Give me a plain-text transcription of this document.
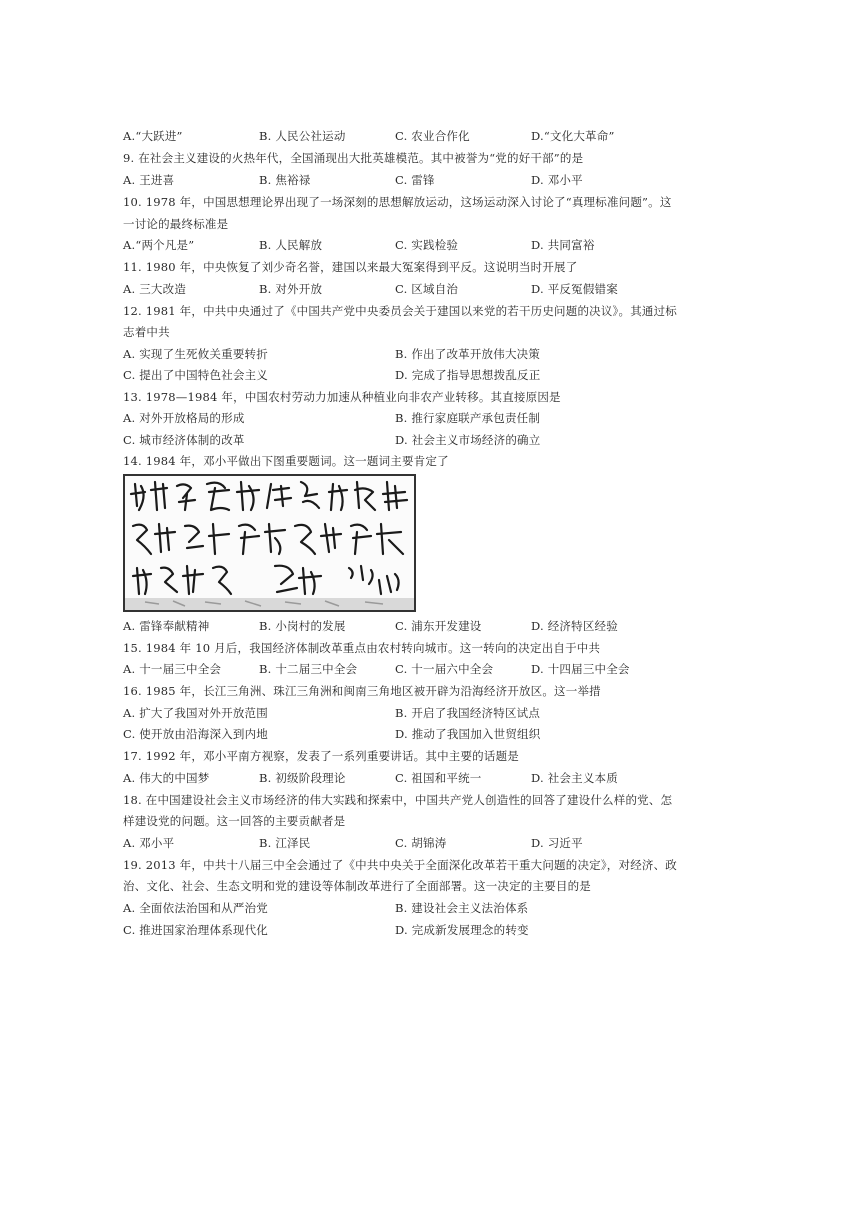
A.“大跃进”	B. 人民公社运动	C. 农业合作化	D.“文化大革命”
9. 在社会主义建设的火热年代，全国涌现出大批英雄模范。其中被誉为“党的好干部”的是
A. 王进喜	B. 焦裕禄	C. 雷锋	D. 邓小平
10. 1978 年，中国思想理论界出现了一场深刻的思想解放运动，这场运动深入讨论了“真理标准问题”。这
一讨论的最终标准是
A.“两个凡是”	B. 人民解放	C. 实践检验	D. 共同富裕
11. 1980 年，中央恢复了刘少奇名誉，建国以来最大冤案得到平反。这说明当时开展了
A. 三大改造	B. 对外开放	C. 区域自治	D. 平反冤假错案
12. 1981 年，中共中央通过了《中国共产党中央委员会关于建国以来党的若干历史问题的决议》。其通过标
志着中共
A. 实现了生死攸关重要转折	B. 作出了改革开放伟大决策
C. 提出了中国特色社会主义	D. 完成了指导思想拨乱反正
13. 1978—1984 年，中国农村劳动力加速从种植业向非农产业转移。其直接原因是
A. 对外开放格局的形成	B. 推行家庭联产承包责任制
C. 城市经济体制的改革	D. 社会主义市场经济的确立
14. 1984 年，邓小平做出下图重要题词。这一题词主要肯定了
A. 雷锋奉献精神	B. 小岗村的发展	C. 浦东开发建设	D. 经济特区经验
15. 1984 年 10 月后，我国经济体制改革重点由农村转向城市。这一转向的决定出自于中共
A. 十一届三中全会	B. 十二届三中全会	C. 十一届六中全会	D. 十四届三中全会
16. 1985 年，长江三角洲、珠江三角洲和闽南三角地区被开辟为沿海经济开放区。这一举措
A. 扩大了我国对外开放范围	B. 开启了我国经济特区试点
C. 使开放由沿海深入到内地	D. 推动了我国加入世贸组织
17. 1992 年，邓小平南方视察，发表了一系列重要讲话。其中主要的话题是
A. 伟大的中国梦	B. 初级阶段理论	C. 祖国和平统一	D. 社会主义本质
18. 在中国建设社会主义市场经济的伟大实践和探索中，中国共产党人创造性的回答了建设什么样的党、怎
样建设党的问题。这一回答的主要贡献者是
A. 邓小平	B. 江泽民	C. 胡锦涛	D. 习近平
19. 2013 年，中共十八届三中全会通过了《中共中央关于全面深化改革若干重大问题的决定》，对经济、政
治、文化、社会、生态文明和党的建设等体制改革进行了全面部署。这一决定的主要目的是
A. 全面依法治国和从严治党	B. 建设社会主义法治体系
C. 推进国家治理体系现代化	D. 完成新发展理念的转变
